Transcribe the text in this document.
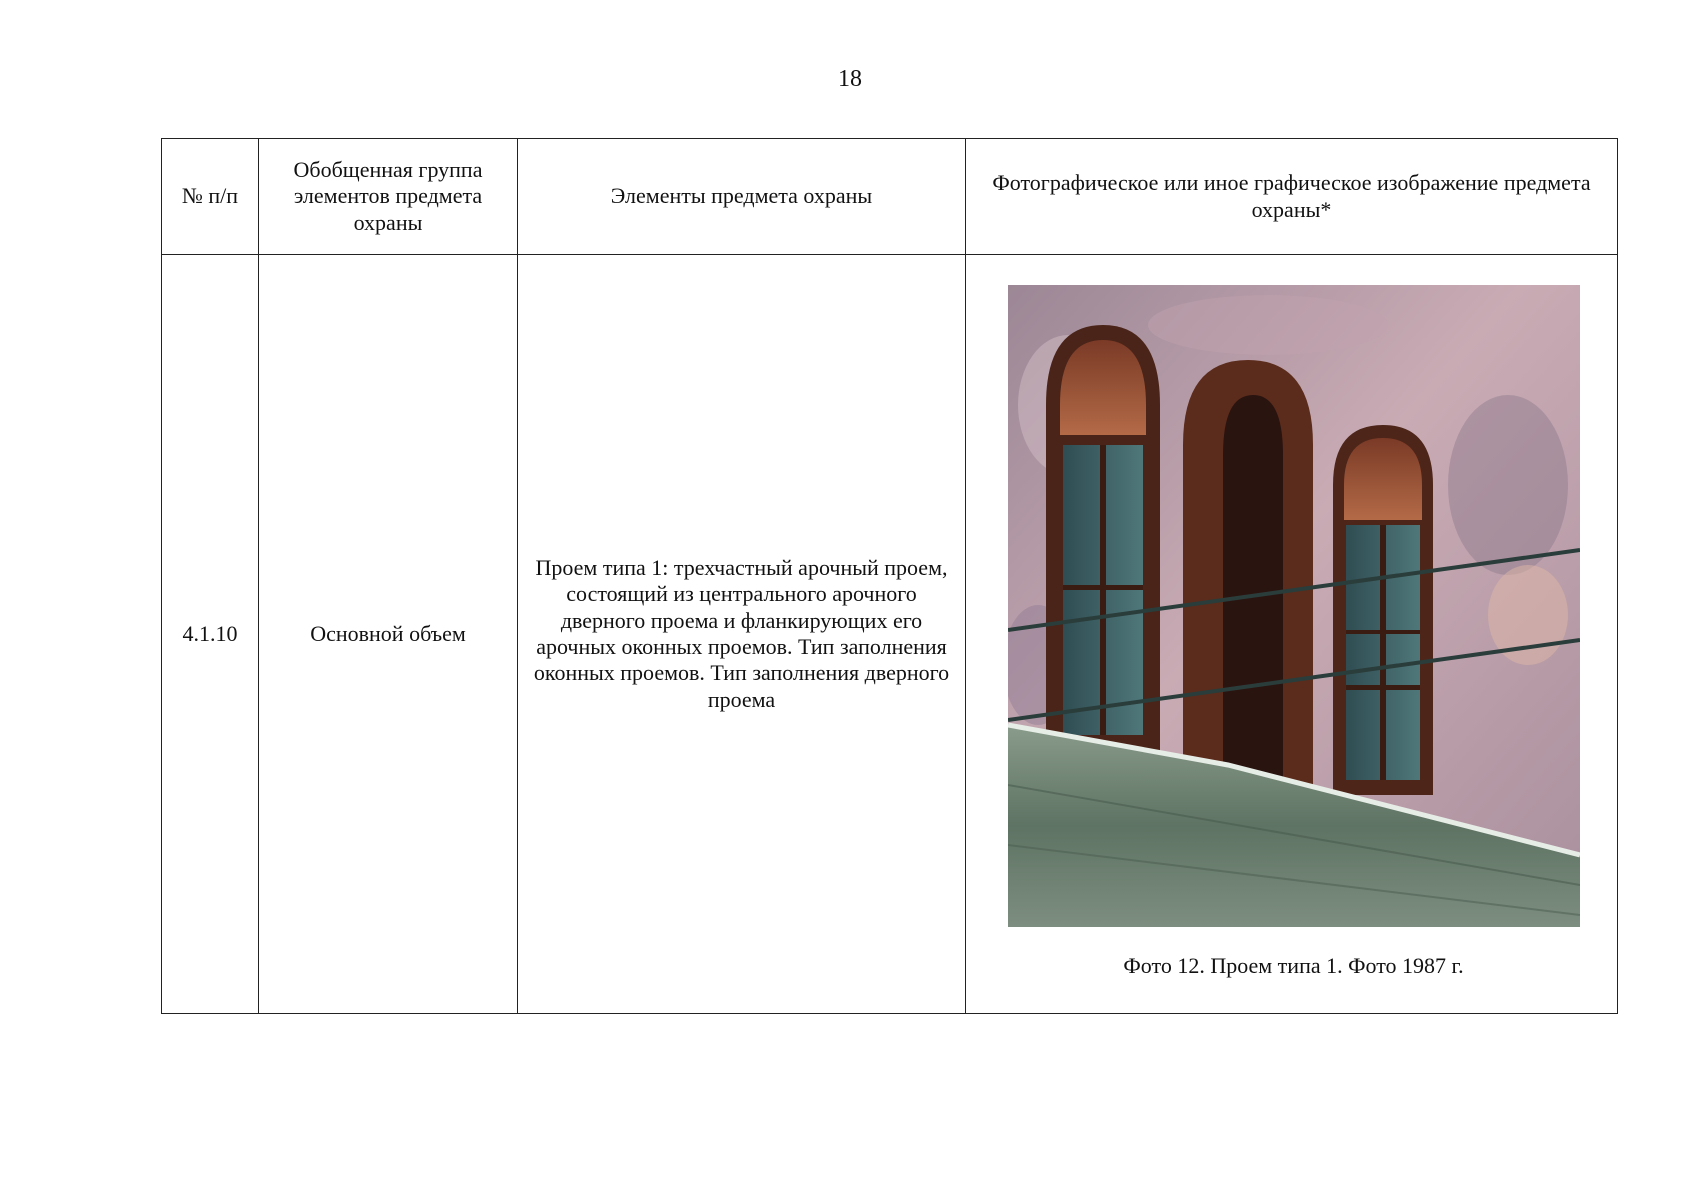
18
№ п/п	Обобщенная группа элементов предмета охраны	Элементы предмета охраны	Фотографическое или иное графическое изображение предмета охраны*
4.1.10	Основной объем	Проем типа 1: трехчастный арочный проем, состоящий из центрального арочного дверного проема и фланкирующих его арочных оконных проемов. Тип заполнения оконных проемов. Тип заполнения дверного проема	Фото 12. Проем типа 1. Фото 1987 г.
